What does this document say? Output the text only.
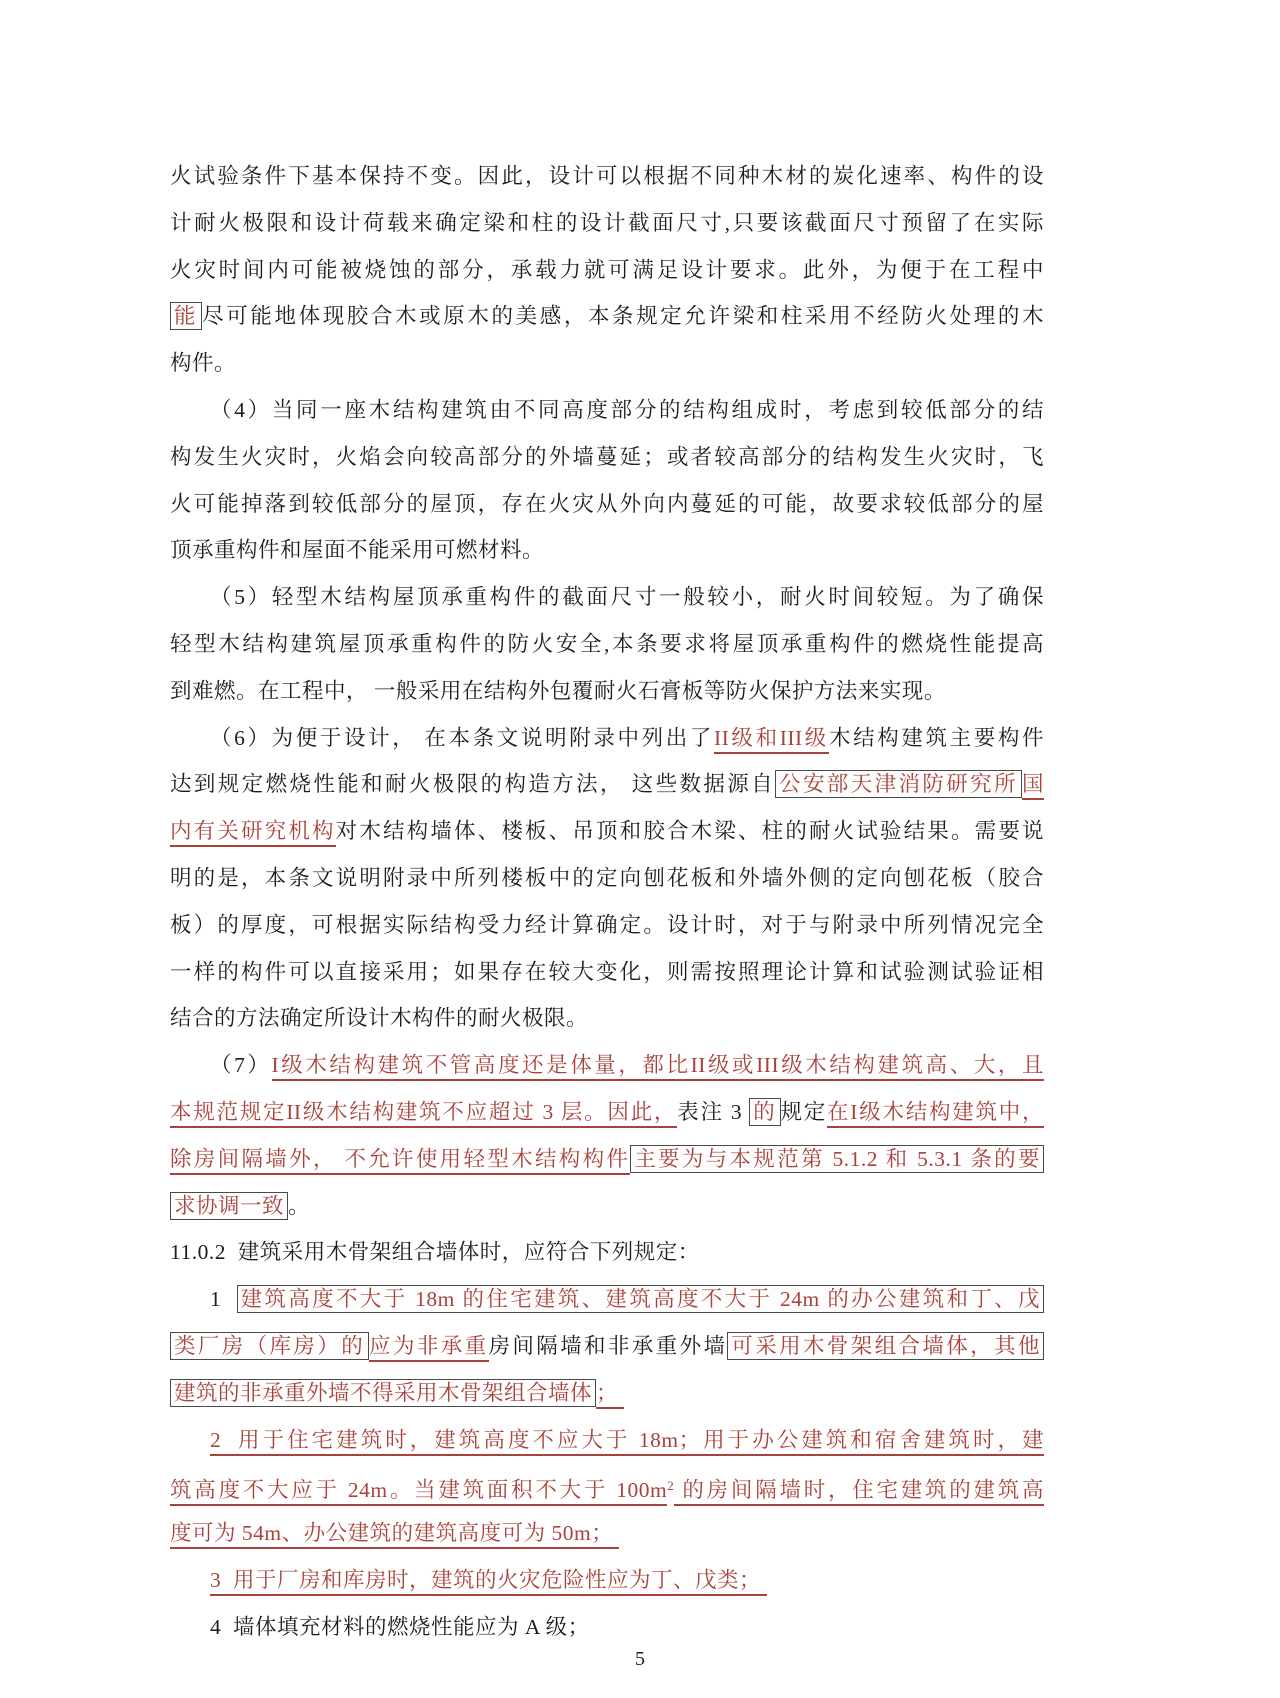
火试验条件下基本保持不变。因此，设计可以根据不同种木材的炭化速率、构件的设
计耐火极限和设计荷载来确定梁和柱的设计截面尺寸,只要该截面尺寸预留了在实际
火灾时间内可能被烧蚀的部分，承载力就可满足设计要求。此外，为便于在工程中
能 尽可能地体现胶合木或原木的美感，本条规定允许梁和柱采用不经防火处理的木
构件。
（4）当同一座木结构建筑由不同高度部分的结构组成时，考虑到较低部分的结
构发生火灾时，火焰会向较高部分的外墙蔓延；或者较高部分的结构发生火灾时，飞
火可能掉落到较低部分的屋顶，存在火灾从外向内蔓延的可能，故要求较低部分的屋
顶承重构件和屋面不能采用可燃材料。
（5）轻型木结构屋顶承重构件的截面尺寸一般较小，耐火时间较短。为了确保
轻型木结构建筑屋顶承重构件的防火安全,本条要求将屋顶承重构件的燃烧性能提高
到难燃。在工程中， 一般采用在结构外包覆耐火石膏板等防火保护方法来实现。
（6）为便于设计， 在本条文说明附录中列出了II级和III级木结构建筑主要构件
达到规定燃烧性能和耐火极限的构造方法， 这些数据源自 公安部天津消防研究所 国
内有关研究机构对木结构墙体、楼板、吊顶和胶合木梁、柱的耐火试验结果。需要说
明的是，本条文说明附录中所列楼板中的定向刨花板和外墙外侧的定向刨花板（胶合
板）的厚度，可根据实际结构受力经计算确定。设计时，对于与附录中所列情况完全
一样的构件可以直接采用；如果存在较大变化，则需按照理论计算和试验测试验证相
结合的方法确定所设计木构件的耐火极限。
（7）I级木结构建筑不管高度还是体量，都比II级或III级木结构建筑高、大，且
本规范规定II级木结构建筑不应超过 3 层。因此，表注 3 的 规定在I级木结构建筑中，
除房间隔墙外， 不允许使用轻型木结构构件 主要为与本规范第 5.1.2 和 5.3.1 条的要
求协调一致 。
11.0.2  建筑采用木骨架组合墙体时，应符合下列规定：
1  建筑高度不大于 18m 的住宅建筑、建筑高度不大于 24m 的办公建筑和丁、戊
类厂房（库房）的 应为非承重房间隔墙和非承重外墙 可采用木骨架组合墙体，其他
建筑的非承重外墙不得采用木骨架组合墙体 ；
2  用于住宅建筑时，建筑高度不应大于 18m；用于办公建筑和宿舍建筑时，建
筑高度不大应于 24m。当建筑面积不大于 $100m^2$ 的房间隔墙时，住宅建筑的建筑高
度可为 54m、办公建筑的建筑高度可为 50m；
3  用于厂房和库房时，建筑的火灾危险性应为丁、戊类；
4  墙体填充材料的燃烧性能应为 A 级；
5
